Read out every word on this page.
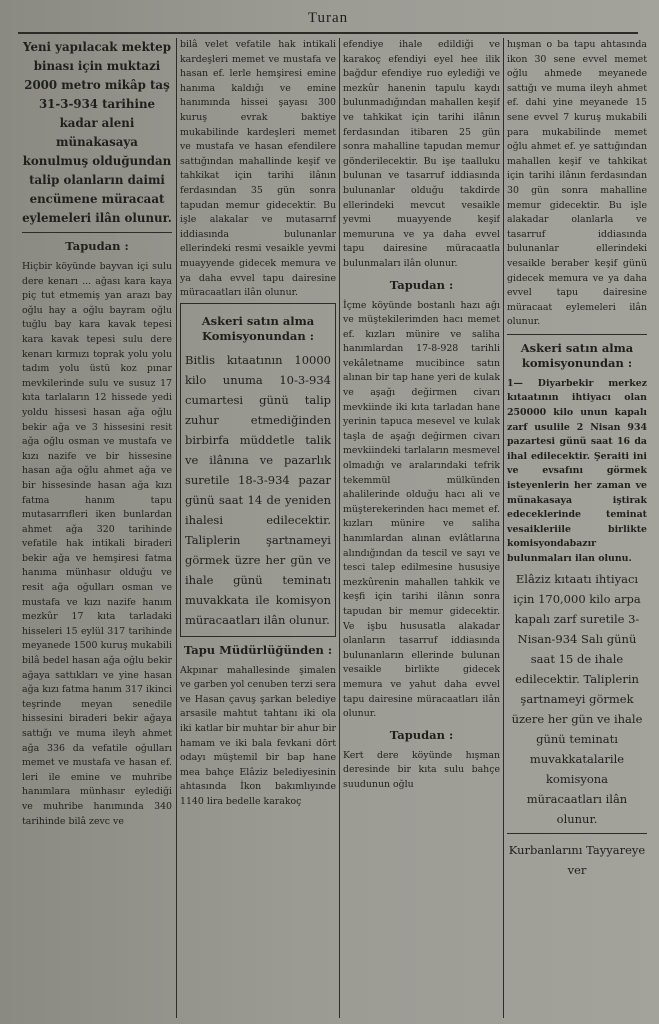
Turan

Yeni yapılacak mektep binası için muktazi 2000 metro mikâp taş 31-3-934 tarihine kadar aleni münakasaya konulmuş olduğundan talip olanların daimi encümene müracaat eylemeleri ilân olunur.

Tapudan :

Hiçbir köyünde bayvan içi sulu dere kenarı ... ağası kara kaya piç tut etmemiş yan arazı bay oğlu hay a oğlu bayram oğlu tuğlu bay kara kavak tepesi kara kavak tepesi sulu dere kenarı kırmızı toprak yolu yolu tadım yolu üstü koz pınar mevkilerinde sulu ve susuz 17 kıta tarlaların 12 hissede yedi yoldu hissesi hasan ağa oğlu bekir ağa ve 3 hissesini resit ağa oğlu osman ve mustafa ve kızı nazife ve bir hissesine hasan ağa oğlu ahmet ağa ve bir hissesinde hasan ağa kızı fatma hanım tapu mutasarrıfleri iken bunlardan ahmet ağa 320 tarihinde vefatile hak intikali biraderi bekir ağa ve hemşiresi fatma hanıma münhasır olduğu ve resit ağa oğulları osman ve mustafa ve kızı nazife hanım mezkûr 17 kıta tarladaki hisseleri 15 eylül 317 tarihinde meyanede 1500 kuruş mukabili bilâ bedel hasan ağa oğlu bekir ağaya sattıkları ve yine hasan ağa kızı fatma hanım 317 ikinci teşrinde meyan senedile hissesini biraderi bekir ağaya sattığı ve muma ileyh ahmet ağa 336 da vefatile oğulları memet ve mustafa ve hasan ef. leri ile emine ve muhribe hanımlara münhasır eylediği ve muhribe hanımında 340 tarihinde bilâ zevc ve

bilâ velet vefatile hak intikali kardeşleri memet ve mustafa ve hasan ef. lerle hemşiresi emine hanıma kaldığı ve emine hanımında hissei şayası 300 kuruş evrak baktiye mukabilinde kardeşleri memet ve mustafa ve hasan efendilere sattığından mahallinde keşif ve tahkikat için tarihi ilânın ferdasından 35 gün sonra tapudan memur gidecektir. Bu işle alakalar ve mutasarrıf iddiasında bulunanlar ellerindeki resmi vesaikle yevmi muayyende gidecek memura ve ya daha evvel tapu dairesine müracaatları ilân olunur.

Askeri satın alma Komisyonundan :

Bitlis kıtaatının 10000 kilo unuma 10-3-934 cumartesi günü talip zuhur etmediğinden birbirfa müddetle talik ve ilânına ve pazarlık suretile 18-3-934 pazar günü saat 14 de yeniden ihalesi edilecektir. Taliplerin şartnameyi görmek üzre her gün ve ihale günü teminatı muvakkata ile komisyon müracaatları ilân olunur.

Tapu Müdürlüğünden :

Akpınar mahallesinde şimalen ve garben yol cenuben terzi sera ve Hasan çavuş şarkan belediye arsasile mahtut tahtanı iki ola iki katlar bir muhtar bir ahur bir hamam ve iki bala fevkani dört odayı müştemil bir bap hane mea bahçe Elâziz belediyesinin ahtasında İkon bakımlıyınde 1140 lira bedelle karakoç

efendiye ihale edildiği ve karakoç efendiyi eyel hee ilik bağdur efendiye ruo eylediği ve mezkûr hanenin tapulu kaydı bulunmadığından mahallen keşif ve tahkikat için tarihi ilânın ferdasından itibaren 25 gün sonra mahalline tapudan memur gönderilecektir. Bu işe taalluku bulunan ve tasarruf iddiasında bulunanlar olduğu takdirde ellerindeki mevcut vesaikle yevmi muayyende keşif memuruna ve ya daha evvel tapu dairesine müracaatla bulunmaları ilân olunur.

Tapudan :

İçme köyünde bostanlı hazı ağı ve müştekilerimden hacı memet ef. kızları münire ve saliha hanımlardan 17-8-928 tarihli vekâletname mucibince satın alınan bir tap hane yeri de kulak ve aşağı değirmen civarı mevkiinde iki kıta tarladan hane yerinin tapuca mesevel ve kulak taşla de aşağı değirmen civarı mevkiindeki tarlaların mesmevel olmadığı ve aralarındaki tefrik tekemmül mülkünden ahalilerinde olduğu hacı ali ve müşterekerinden hacı memet ef. kızları münire ve saliha hanımlardan alınan evlâtlarına alındığından da tescil ve sayı ve tesci talep edilmesine hususiye mezkûrenin mahallen tahkik ve keşfi için tarihi ilânın sonra tapudan bir memur gidecektir. Ve işbu hususatla alakadar olanların tasarruf iddiasında bulunanların ellerinde bulunan vesaikle birlikte gidecek memura ve yahut daha evvel tapu dairesine müracaatları ilân olunur.

Tapudan :

Kert dere köyünde hışman deresinde bir kıta sulu bahçe suudunun oğlu

hışman o ba tapu ahtasında ikon 30 sene evvel memet oğlu ahmede meyanede sattığı ve muma ileyh ahmet ef. dahi yine meyanede 15 sene evvel 7 kuruş mukabili para mukabilinde memet oğlu ahmet ef. ye sattığından mahallen keşif ve tahkikat için tarihi ilânın ferdasından 30 gün sonra mahalline memur gidecektir. Bu işle alakadar olanlarla ve tasarruf iddiasında bulunanlar ellerindeki vesaikle beraber keşif günü gidecek memura ve ya daha evvel tapu dairesine müracaat eylemeleri ilân olunur.

Askeri satın alma komisyonundan :

1— Diyarbekir merkez kıtaatının ihtiyacı olan 250000 kilo unun kapalı zarf usulile 2 Nisan 934 pazartesi günü saat 16 da ihal edilecektir. Şeraiti ini ve evsafını görmek isteyenlerin her zaman ve münakasaya iştirak edeceklerinde teminat vesaikleriile birlikte komisyondabazır bulunmaları ilan olunu.

Elâziz kıtaatı ihtiyacı için 170,000 kilo arpa kapalı zarf suretile 3-Nisan-934 Salı günü saat 15 de ihale edilecektir. Taliplerin şartnameyi görmek üzere her gün ve ihale günü teminatı muvakkatalarile komisyona müracaatları ilân olunur.

Kurbanlarını Tayyareye ver
